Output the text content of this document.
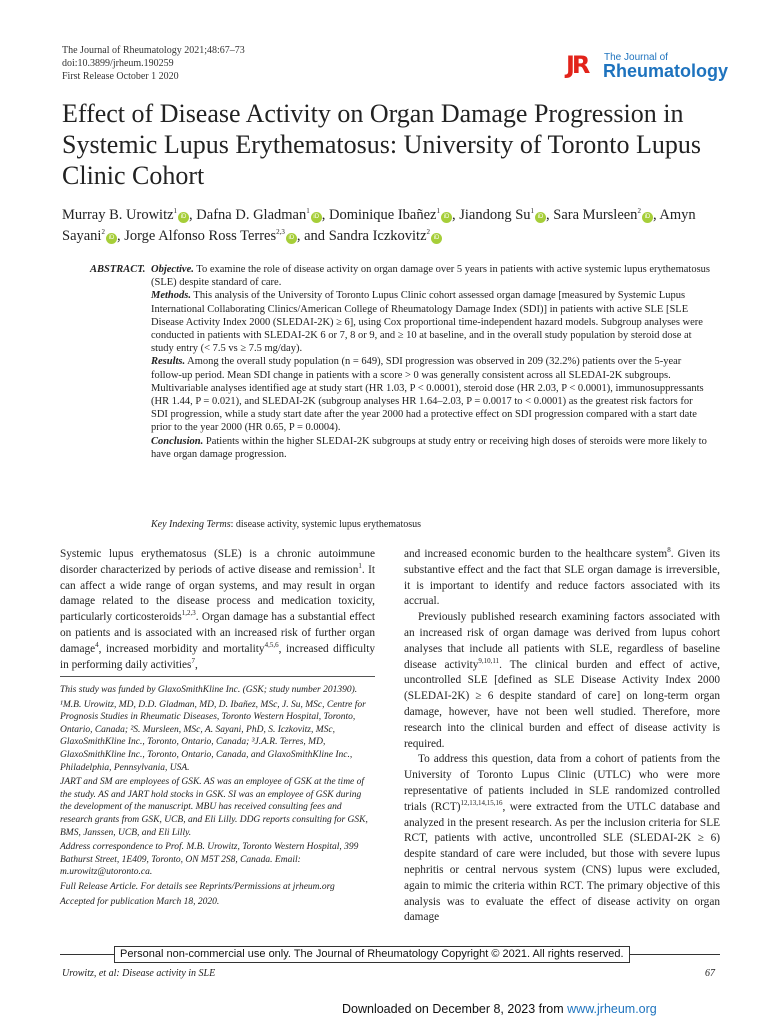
The Journal of Rheumatology 2021;48:67–73
doi:10.3899/jrheum.190259
First Release October 1 2020	JR The Journal of
Rheumatology
Effect of Disease Activity on Organ Damage Progression in Systemic Lupus Erythematosus: University of Toronto Lupus Clinic Cohort
Murray B. Urowitz$^1$iD , Dafna D. Gladman$^1$iD , Dominique Ibañez$^1$iD , Jiandong Su$^1$iD , Sara Mursleen$^2$iD , Amyn Sayani$^2$iD , Jorge Alfonso Ross Terres$^{2,3}$iD , and Sandra Iczkovitz$^2$iD
ABSTRACT. Objective. To examine the role of disease activity on organ damage over 5 years in patients with active systemic lupus erythematosus (SLE) despite standard of care.

Methods. This analysis of the University of Toronto Lupus Clinic cohort assessed organ damage [measured by Systemic Lupus International Collaborating Clinics/American College of Rheumatology Damage Index (SDI)] in patients with active SLE [SLE Disease Activity Index 2000 (SLEDAI-2K) ≥ 6], using Cox proportional time-independent hazard models. Subgroup analyses were conducted in patients with SLEDAI-2K 6 or 7, 8 or 9, and ≥ 10 at baseline, and in the overall study population by steroid dose at study entry (< 7.5 vs ≥ 7.5 mg/day).

Results. Among the overall study population (n = 649), SDI progression was observed in 209 (32.2%) patients over the 5-year follow-up period. Mean SDI change in patients with a score > 0 was generally consistent across all SLEDAI-2K subgroups. Multivariable analyses identified age at study start (HR 1.03, P < 0.0001), steroid dose (HR 2.03, P < 0.0001), immunosuppressants (HR 1.44, P = 0.021), and SLEDAI-2K (subgroup analyses HR 1.64–2.03, P = 0.0017 to < 0.0001) as the greatest risk factors for SDI progression, while a study start date after the year 2000 had a protective effect on SDI progression compared with a start date prior to the year 2000 (HR 0.65, P = 0.0004).

Conclusion. Patients within the higher SLEDAI-2K subgroups at study entry or receiving high doses of steroids were more likely to have organ damage progression.

Key Indexing Terms: disease activity, systemic lupus erythematosus

Systemic lupus erythematosus (SLE) is a chronic autoimmune disorder characterized by periods of active disease and remission$^1$. It can affect a wide range of organ systems, and may result in organ damage related to the disease process and medication toxicity, particularly corticosteroids$^{1,2,3}$. Organ damage has a substantial effect on patients and is associated with an increased risk of further organ damage$^4$, increased morbidity and mortality$^{4,5,6}$, increased difficulty in performing daily activities$^7$,

This study was funded by GlaxoSmithKline Inc. (GSK; study number 201390).

¹M.B. Urowitz, MD, D.D. Gladman, MD, D. Ibañez, MSc, J. Su, MSc, Centre for Prognosis Studies in Rheumatic Diseases, Toronto Western Hospital, Toronto, Ontario, Canada; ²S. Mursleen, MSc, A. Sayani, PhD, S. Iczkovitz, MSc, GlaxoSmithKline Inc., Toronto, Ontario, Canada; ³J.A.R. Terres, MD, GlaxoSmithKline Inc., Toronto, Ontario, Canada, and GlaxoSmithKline Inc., Philadelphia, Pennsylvania, USA.

JART and SM are employees of GSK. AS was an employee of GSK at the time of the study. AS and JART hold stocks in GSK. SI was an employee of GSK during the development of the manuscript. MBU has received consulting fees and research grants from GSK, UCB, and Eli Lilly. DDG reports consulting for GSK, BMS, Janssen, UCB, and Eli Lilly.

Address correspondence to Prof. M.B. Urowitz, Toronto Western Hospital, 399 Bathurst Street, 1E409, Toronto, ON M5T 2S8, Canada. Email: m.urowitz@utoronto.ca.

Full Release Article. For details see Reprints/Permissions at jrheum.org

Accepted for publication March 18, 2020.

and increased economic burden to the healthcare system$^8$. Given its substantive effect and the fact that SLE organ damage is irreversible, it is important to identify and reduce factors associated with its accrual.

Previously published research examining factors associated with an increased risk of organ damage was derived from lupus cohort analyses that include all patients with SLE, regardless of baseline disease activity$^{9,10,11}$. The clinical burden and effect of active, uncontrolled SLE [defined as SLE Disease Activity Index 2000 (SLEDAI-2K) ≥ 6 despite standard of care] on long-term organ damage, however, have not been well studied. Therefore, more research into the clinical burden and effect of disease activity is required.

To address this question, data from a cohort of patients from the University of Toronto Lupus Clinic (UTLC) who were more representative of patients included in SLE randomized controlled trials (RCT)$^{12,13,14,15,16}$, were extracted from the UTLC database and analyzed in the present research. As per the inclusion criteria for SLE RCT, patients with active, uncontrolled SLE (SLEDAI-2K ≥ 6) despite standard of care were included, but those with severe lupus nephritis or central nervous system (CNS) lupus were excluded, again to mimic the criteria within RCT. The primary objective of this analysis was to evaluate the effect of disease activity on organ damage

Personal non-commercial use only. The Journal of Rheumatology Copyright © 2021. All rights reserved.
Urowitz, et al: Disease activity in SLE	67
Downloaded on December 8, 2023 from www.jrheum.org
